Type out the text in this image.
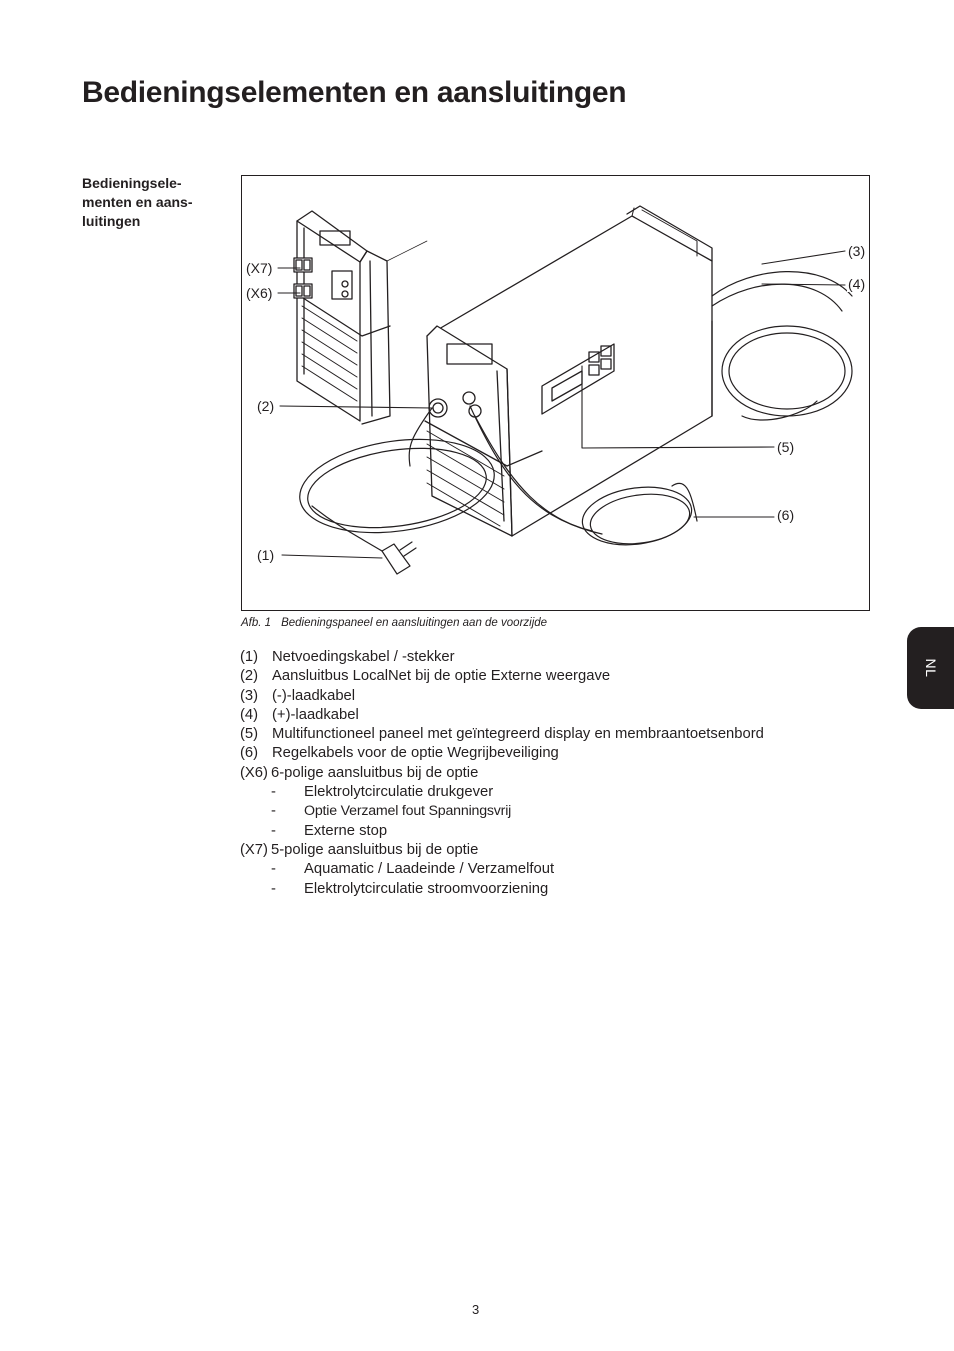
Bedieningselementen en aansluitingen
Bedieningsele-
menten en aans-
luitingen
(X7)
(X6)
(2)
(1)
(3)
(4)
(5)
(6)
Afb. 1 Bedieningspaneel en aansluitingen aan de voorzijde
(1) Netvoedingskabel / -stekker
(2) Aansluitbus LocalNet bij de optie Externe weergave
(3) (-)-laadkabel
(4) (+)-laadkabel
(5) Multifunctioneel paneel met geïntegreerd display en membraantoetsenbord
(6) Regelkabels voor de optie Wegrijbeveiliging
(X6) 6-polige aansluitbus bij de optie
- Elektrolytcirculatie drukgever
- Optie Verzamel fout Spanningsvrij
- Externe stop
(X7) 5-polige aansluitbus bij de optie
- Aquamatic / Laadeinde / Verzamelfout
- Elektrolytcirculatie stroomvoorziening
NL
3
